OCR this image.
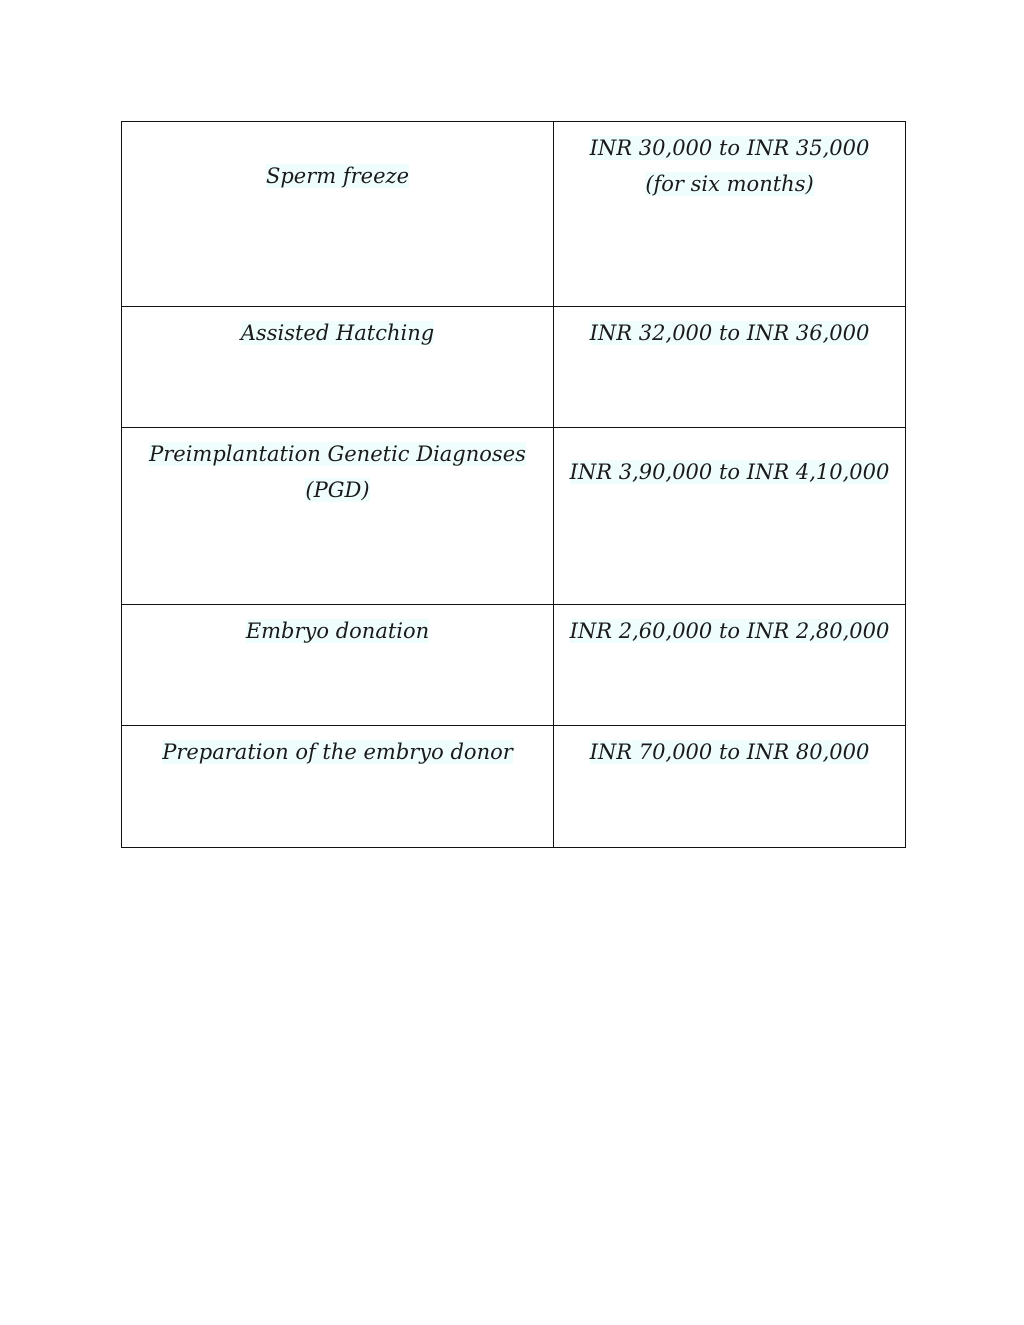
Sperm freeze	INR 30,000 to INR 35,000 (for six months)
Assisted Hatching	INR 32,000 to INR 36,000
Preimplantation Genetic Diagnoses (PGD)	INR 3,90,000 to INR 4,10,000
Embryo donation	INR 2,60,000 to INR 2,80,000
Preparation of the embryo donor	INR 70,000 to INR 80,000
